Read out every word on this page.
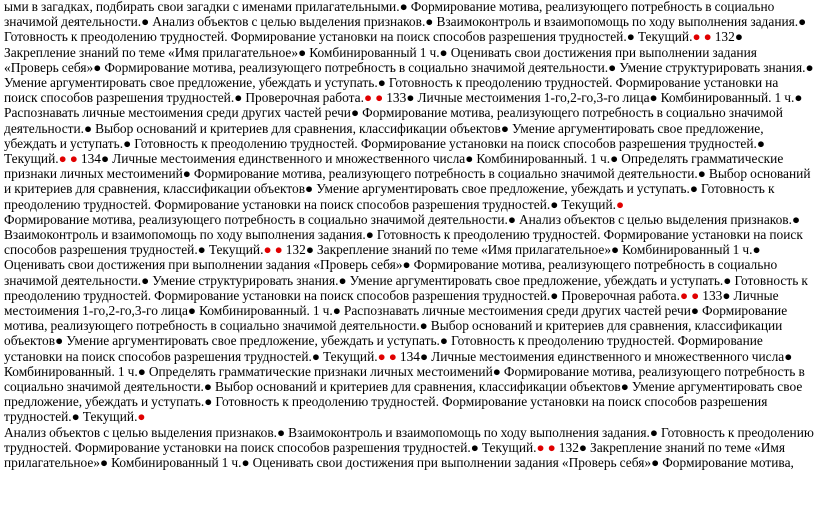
ыми в загадках, подбирать свои загадки с именами прилагательными.● Формирование мотива, реализующего потребность в социально значимой деятельности.● Анализ объектов с целью выделения признаков.● Взаимоконтроль и взаимопомощь по ходу выполнения задания.● Готовность к преодолению трудностей. Формирование установки на поиск способов разрешения трудностей.● Текущий.● ● 132● Закрепление знаний по теме «Имя прилагательное»● Комбинированный 1 ч.● Оценивать свои достижения при выполнении задания «Проверь себя»● Формирование мотива, реализующего потребность в социально значимой деятельности.● Умение структурировать знания.● Умение аргументировать свое предложение, убеждать и уступать.● Готовность к преодолению трудностей. Формирование установки на поиск способов разрешения трудностей.● Проверочная работа.● ● 133● Личные местоимения 1-го,2-го,3-го лица● Комбинированный. 1 ч.● Распознавать личные местоимения среди других частей речи● Формирование мотива, реализующего потребность в социально значимой деятельности.● Выбор оснований и критериев для сравнения, классификации объектов● Умение аргументировать свое предложение, убеждать и уступать.● Готовность к преодолению трудностей. Формирование установки на поиск способов разрешения трудностей.● Текущий.● ● 134● Личные местоимения единственного и множественного числа● Комбинированный. 1 ч.● Определять грамматические признаки личных местоимений● Формирование мотива, реализующего потребность в социально значимой деятельности.● Выбор оснований и критериев для сравнения, классификации объектов● Умение аргументировать свое предложение, убеждать и уступать.● Готовность к преодолению трудностей. Формирование установки на поиск способов разрешения трудностей.● Текущий.●

Формирование мотива, реализующего потребность в социально значимой деятельности.● Анализ объектов с целью выделения признаков.● Взаимоконтроль и взаимопомощь по ходу выполнения задания.● Готовность к преодолению трудностей. Формирование установки на поиск способов разрешения трудностей.● Текущий.● ● 132● Закрепление знаний по теме «Имя прилагательное»● Комбинированный 1 ч.● Оценивать свои достижения при выполнении задания «Проверь себя»● Формирование мотива, реализующего потребность в социально значимой деятельности.● Умение структурировать знания.● Умение аргументировать свое предложение, убеждать и уступать.● Готовность к преодолению трудностей. Формирование установки на поиск способов разрешения трудностей.● Проверочная работа.● ● 133● Личные местоимения 1-го,2-го,3-го лица● Комбинированный. 1 ч.● Распознавать личные местоимения среди других частей речи● Формирование мотива, реализующего потребность в социально значимой деятельности.● Выбор оснований и критериев для сравнения, классификации объектов● Умение аргументировать свое предложение, убеждать и уступать.● Готовность к преодолению трудностей. Формирование установки на поиск способов разрешения трудностей.● Текущий.● ● 134● Личные местоимения единственного и множественного числа● Комбинированный. 1 ч.● Определять грамматические признаки личных местоимений● Формирование мотива, реализующего потребность в социально значимой деятельности.● Выбор оснований и критериев для сравнения, классификации объектов● Умение аргументировать свое предложение, убеждать и уступать.● Готовность к преодолению трудностей. Формирование установки на поиск способов разрешения трудностей.● Текущий.●

Анализ объектов с целью выделения признаков.● Взаимоконтроль и взаимопомощь по ходу выполнения задания.● Готовность к преодолению трудностей. Формирование установки на поиск способов разрешения трудностей.● Текущий.● ● 132● Закрепление знаний по теме «Имя прилагательное»● Комбинированный 1 ч.● Оценивать свои достижения при выполнении задания «Проверь себя»● Формирование мотива,
